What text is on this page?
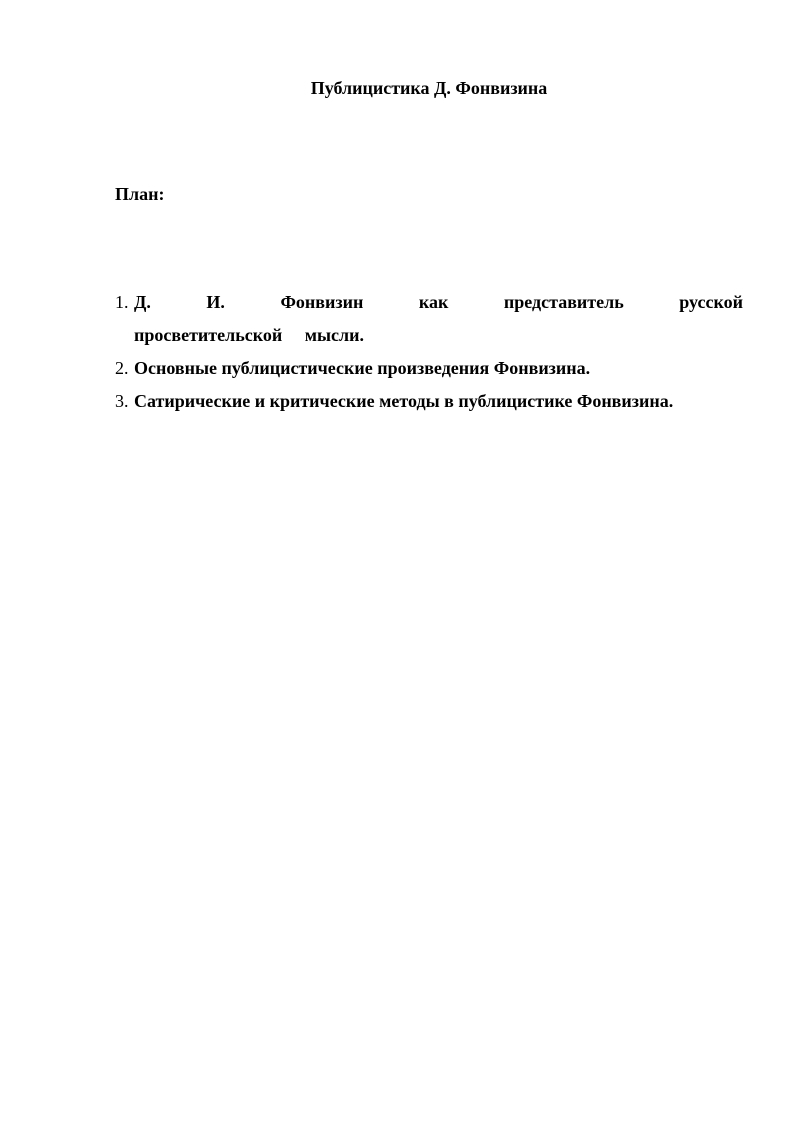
Публицистика Д. Фонвизина
План:
1. Д. И. Фонвизин как представитель русской просветительской мысли.
2. Основные публицистические произведения Фонвизина.
3. Сатирические и критические методы в публицистике Фонвизина.
